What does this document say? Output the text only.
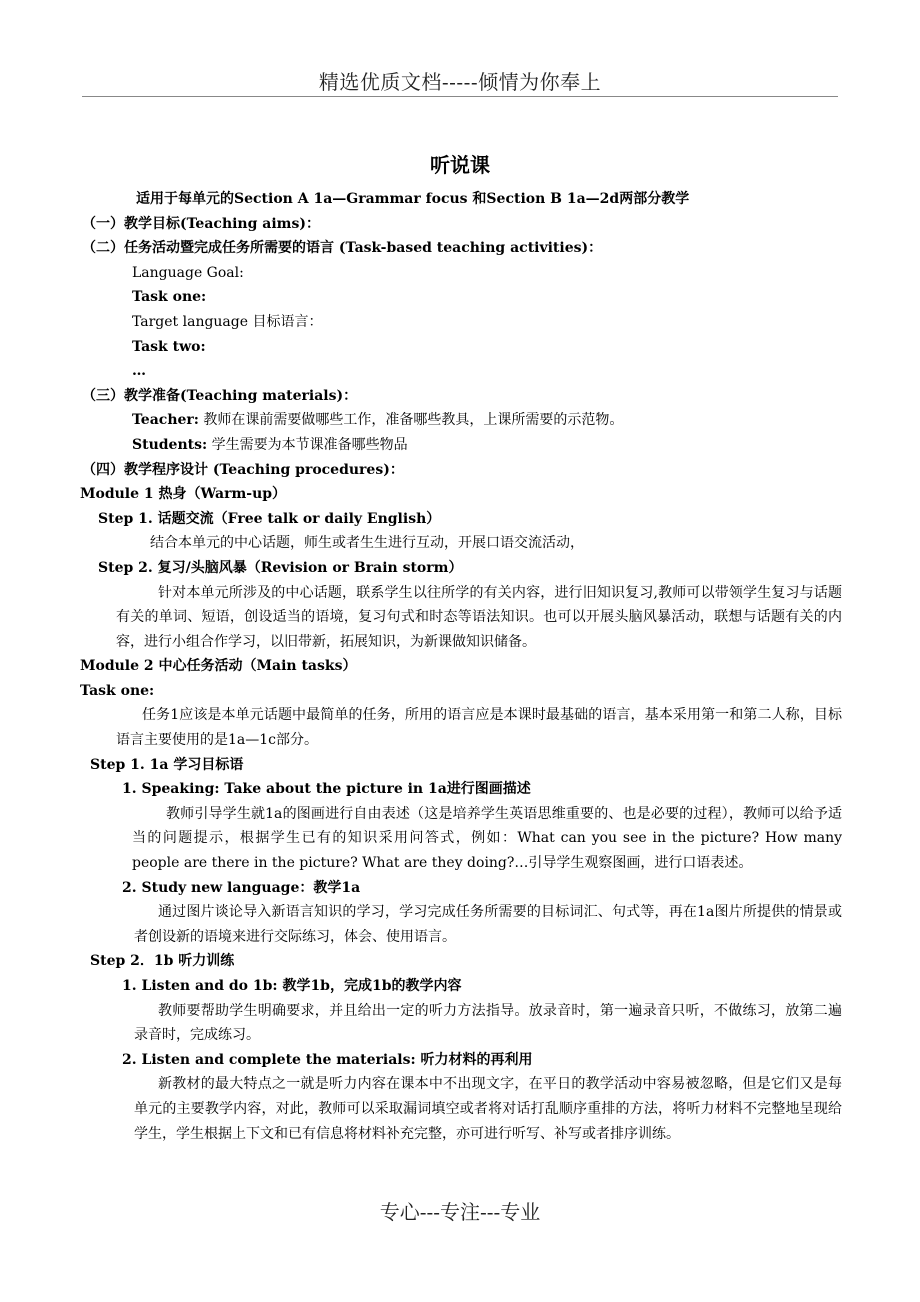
精选优质文档-----倾情为你奉上
听说课
适用于每单元的Section A 1a—Grammar focus 和Section B 1a—2d两部分教学
（一）教学目标(Teaching aims)：
（二）任务活动暨完成任务所需要的语言 (Task-based teaching activities)：
Language Goal:
Task one:
Target language 目标语言：
Task two:
…
（三）教学准备(Teaching materials)：
Teacher: 教师在课前需要做哪些工作，准备哪些教具，上课所需要的示范物。
Students: 学生需要为本节课准备哪些物品
（四）教学程序设计 (Teaching procedures)：
Module 1 热身（Warm-up）
Step 1. 话题交流（Free talk or daily English）
结合本单元的中心话题，师生或者生生进行互动，开展口语交流活动，
Step 2. 复习/头脑风暴（Revision or Brain storm）
针对本单元所涉及的中心话题，联系学生以往所学的有关内容，进行旧知识复习,教师可以带领学生复习与话题有关的单词、短语，创设适当的语境，复习句式和时态等语法知识。也可以开展头脑风暴活动，联想与话题有关的内容，进行小组合作学习，以旧带新，拓展知识，为新课做知识储备。
Module 2 中心任务活动（Main tasks）
Task one:
任务1应该是本单元话题中最简单的任务，所用的语言应是本课时最基础的语言，基本采用第一和第二人称，目标语言主要使用的是1a—1c部分。
Step 1. 1a 学习目标语
1. Speaking: Take about the picture in 1a进行图画描述
教师引导学生就1a的图画进行自由表述（这是培养学生英语思维重要的、也是必要的过程），教师可以给予适当的问题提示，根据学生已有的知识采用问答式，例如：What can you see in the picture? How many people are there in the picture? What are they doing?…引导学生观察图画，进行口语表述。
2. Study new language：教学1a
通过图片谈论导入新语言知识的学习，学习完成任务所需要的目标词汇、句式等，再在1a图片所提供的情景或者创设新的语境来进行交际练习，体会、使用语言。
Step 2．1b 听力训练
1. Listen and do 1b: 教学1b，完成1b的教学内容
教师要帮助学生明确要求，并且给出一定的听力方法指导。放录音时，第一遍录音只听，不做练习，放第二遍录音时，完成练习。
2. Listen and complete the materials: 听力材料的再利用
新教材的最大特点之一就是听力内容在课本中不出现文字，在平日的教学活动中容易被忽略，但是它们又是每单元的主要教学内容，对此，教师可以采取漏词填空或者将对话打乱顺序重排的方法，将听力材料不完整地呈现给学生，学生根据上下文和已有信息将材料补充完整，亦可进行听写、补写或者排序训练。
专心---专注---专业
